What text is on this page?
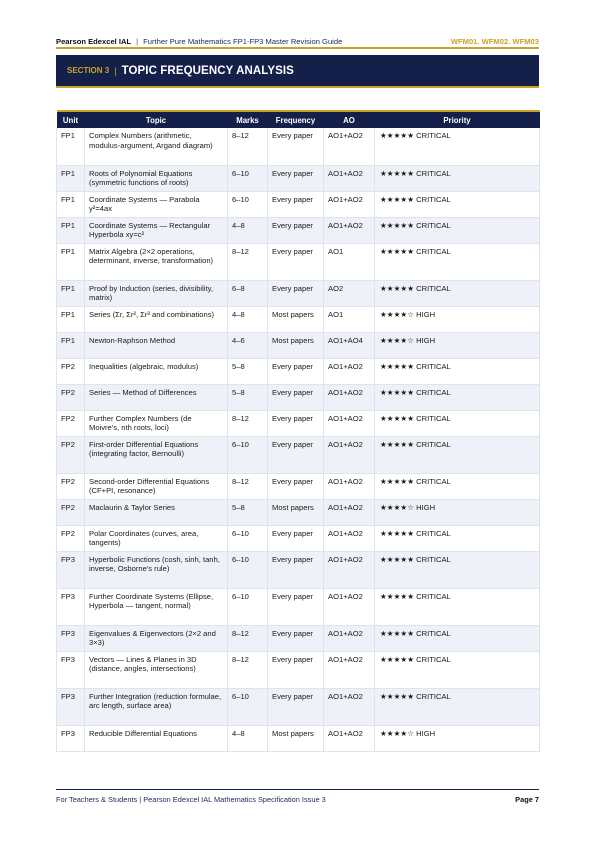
Pearson Edexcel IAL | Further Pure Mathematics FP1-FP3 Master Revision Guide	WFM01. WFM02. WFM03
SECTION 3 | TOPIC FREQUENCY ANALYSIS
Unit	Topic	Marks	Frequency	AO	Priority
FP1	Complex Numbers (arithmetic, modulus-argument, Argand diagram)	8–12	Every paper	AO1+AO2	★★★★★ CRITICAL
FP1	Roots of Polynomial Equations (symmetric functions of roots)	6–10	Every paper	AO1+AO2	★★★★★ CRITICAL
FP1	Coordinate Systems — Parabola y²=4ax	6–10	Every paper	AO1+AO2	★★★★★ CRITICAL
FP1	Coordinate Systems — Rectangular Hyperbola xy=c²	4–8	Every paper	AO1+AO2	★★★★★ CRITICAL
FP1	Matrix Algebra (2×2 operations, determinant, inverse, transformation)	8–12	Every paper	AO1	★★★★★ CRITICAL
FP1	Proof by Induction (series, divisibility, matrix)	6–8	Every paper	AO2	★★★★★ CRITICAL
FP1	Series (Σr, Σr², Σr³ and combinations)	4–8	Most papers	AO1	★★★★☆ HIGH
FP1	Newton-Raphson Method	4–6	Most papers	AO1+AO4	★★★★☆ HIGH
FP2	Inequalities (algebraic, modulus)	5–8	Every paper	AO1+AO2	★★★★★ CRITICAL
FP2	Series — Method of Differences	5–8	Every paper	AO1+AO2	★★★★★ CRITICAL
FP2	Further Complex Numbers (de Moivre's, nth roots, loci)	8–12	Every paper	AO1+AO2	★★★★★ CRITICAL
FP2	First-order Differential Equations (integrating factor, Bernoulli)	6–10	Every paper	AO1+AO2	★★★★★ CRITICAL
FP2	Second-order Differential Equations (CF+PI, resonance)	8–12	Every paper	AO1+AO2	★★★★★ CRITICAL
FP2	Maclaurin & Taylor Series	5–8	Most papers	AO1+AO2	★★★★☆ HIGH
FP2	Polar Coordinates (curves, area, tangents)	6–10	Every paper	AO1+AO2	★★★★★ CRITICAL
FP3	Hyperbolic Functions (cosh, sinh, tanh, inverse, Osborne's rule)	6–10	Every paper	AO1+AO2	★★★★★ CRITICAL
FP3	Further Coordinate Systems (Ellipse, Hyperbola — tangent, normal)	6–10	Every paper	AO1+AO2	★★★★★ CRITICAL
FP3	Eigenvalues & Eigenvectors (2×2 and 3×3)	8–12	Every paper	AO1+AO2	★★★★★ CRITICAL
FP3	Vectors — Lines & Planes in 3D (distance, angles, intersections)	8–12	Every paper	AO1+AO2	★★★★★ CRITICAL
FP3	Further Integration (reduction formulae, arc length, surface area)	6–10	Every paper	AO1+AO2	★★★★★ CRITICAL
FP3	Reducible Differential Equations	4–8	Most papers	AO1+AO2	★★★★☆ HIGH
For Teachers & Students | Pearson Edexcel IAL Mathematics Specification Issue 3	Page 7
